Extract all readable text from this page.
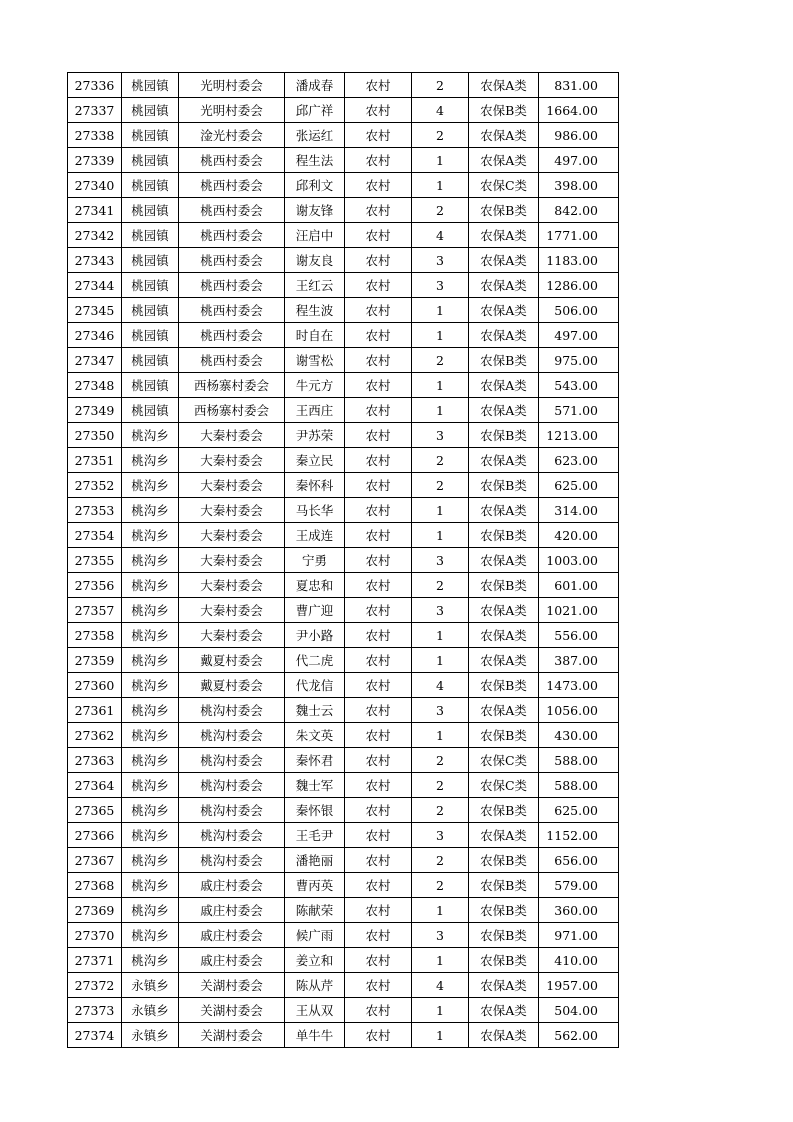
27336	桃园镇	光明村委会	潘成春	农村	2	农保A类	831.00
27337	桃园镇	光明村委会	邱广祥	农村	4	农保B类	1664.00
27338	桃园镇	淦光村委会	张运红	农村	2	农保A类	986.00
27339	桃园镇	桃西村委会	程生法	农村	1	农保A类	497.00
27340	桃园镇	桃西村委会	邱利文	农村	1	农保C类	398.00
27341	桃园镇	桃西村委会	谢友锋	农村	2	农保B类	842.00
27342	桃园镇	桃西村委会	汪启中	农村	4	农保A类	1771.00
27343	桃园镇	桃西村委会	谢友良	农村	3	农保A类	1183.00
27344	桃园镇	桃西村委会	王红云	农村	3	农保A类	1286.00
27345	桃园镇	桃西村委会	程生波	农村	1	农保A类	506.00
27346	桃园镇	桃西村委会	时自在	农村	1	农保A类	497.00
27347	桃园镇	桃西村委会	谢雪松	农村	2	农保B类	975.00
27348	桃园镇	西杨寨村委会	牛元方	农村	1	农保A类	543.00
27349	桃园镇	西杨寨村委会	王西庄	农村	1	农保A类	571.00
27350	桃沟乡	大秦村委会	尹苏荣	农村	3	农保B类	1213.00
27351	桃沟乡	大秦村委会	秦立民	农村	2	农保A类	623.00
27352	桃沟乡	大秦村委会	秦怀科	农村	2	农保B类	625.00
27353	桃沟乡	大秦村委会	马长华	农村	1	农保A类	314.00
27354	桃沟乡	大秦村委会	王成连	农村	1	农保B类	420.00
27355	桃沟乡	大秦村委会	宁勇	农村	3	农保A类	1003.00
27356	桃沟乡	大秦村委会	夏忠和	农村	2	农保B类	601.00
27357	桃沟乡	大秦村委会	曹广迎	农村	3	农保A类	1021.00
27358	桃沟乡	大秦村委会	尹小路	农村	1	农保A类	556.00
27359	桃沟乡	戴夏村委会	代二虎	农村	1	农保A类	387.00
27360	桃沟乡	戴夏村委会	代龙信	农村	4	农保B类	1473.00
27361	桃沟乡	桃沟村委会	魏士云	农村	3	农保A类	1056.00
27362	桃沟乡	桃沟村委会	朱文英	农村	1	农保B类	430.00
27363	桃沟乡	桃沟村委会	秦怀君	农村	2	农保C类	588.00
27364	桃沟乡	桃沟村委会	魏士军	农村	2	农保C类	588.00
27365	桃沟乡	桃沟村委会	秦怀银	农村	2	农保B类	625.00
27366	桃沟乡	桃沟村委会	王毛尹	农村	3	农保A类	1152.00
27367	桃沟乡	桃沟村委会	潘艳丽	农村	2	农保B类	656.00
27368	桃沟乡	戚庄村委会	曹丙英	农村	2	农保B类	579.00
27369	桃沟乡	戚庄村委会	陈献荣	农村	1	农保B类	360.00
27370	桃沟乡	戚庄村委会	候广雨	农村	3	农保B类	971.00
27371	桃沟乡	戚庄村委会	姜立和	农村	1	农保B类	410.00
27372	永镇乡	关湖村委会	陈从芹	农村	4	农保A类	1957.00
27373	永镇乡	关湖村委会	王从双	农村	1	农保A类	504.00
27374	永镇乡	关湖村委会	单牛牛	农村	1	农保A类	562.00
